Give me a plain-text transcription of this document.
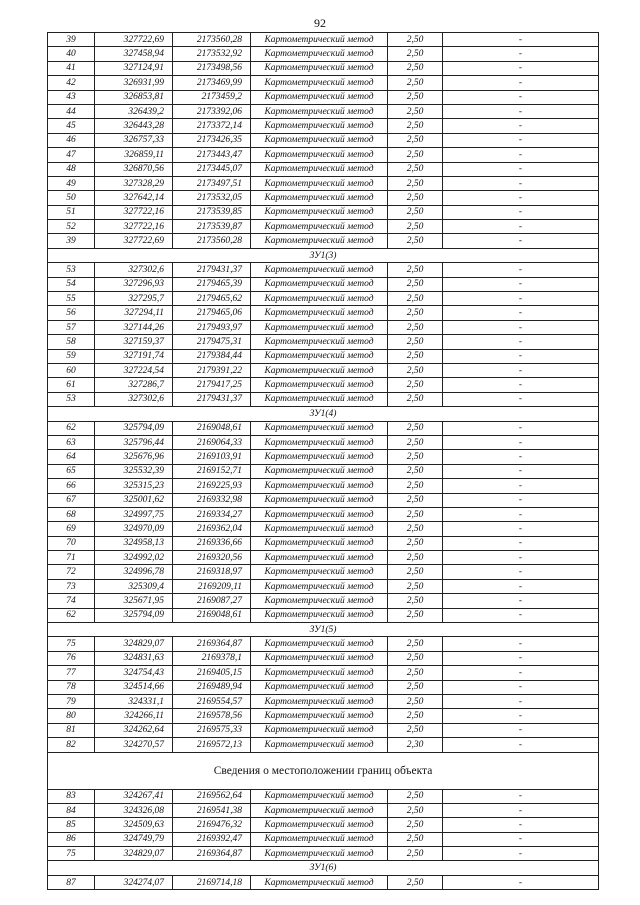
92
39	327722,69	2173560,28	Картометрический метод	2,50	-
40	327458,94	2173532,92	Картометрический метод	2,50	-
41	327124,91	2173498,56	Картометрический метод	2,50	-
42	326931,99	2173469,99	Картометрический метод	2,50	-
43	326853,81	2173459,2	Картометрический метод	2,50	-
44	326439,2	2173392,06	Картометрический метод	2,50	-
45	326443,28	2173372,14	Картометрический метод	2,50	-
46	326757,33	2173426,35	Картометрический метод	2,50	-
47	326859,11	2173443,47	Картометрический метод	2,50	-
48	326870,56	2173445,07	Картометрический метод	2,50	-
49	327328,29	2173497,51	Картометрический метод	2,50	-
50	327642,14	2173532,05	Картометрический метод	2,50	-
51	327722,16	2173539,85	Картометрический метод	2,50	-
52	327722,16	2173539,87	Картометрический метод	2,50	-
39	327722,69	2173560,28	Картометрический метод	2,50	-
ЗУ1(3)					
53	327302,6	2179431,37	Картометрический метод	2,50	-
54	327296,93	2179465,39	Картометрический метод	2,50	-
55	327295,7	2179465,62	Картометрический метод	2,50	-
56	327294,11	2179465,06	Картометрический метод	2,50	-
57	327144,26	2179493,97	Картометрический метод	2,50	-
58	327159,37	2179475,31	Картометрический метод	2,50	-
59	327191,74	2179384,44	Картометрический метод	2,50	-
60	327224,54	2179391,22	Картометрический метод	2,50	-
61	327286,7	2179417,25	Картометрический метод	2,50	-
53	327302,6	2179431,37	Картометрический метод	2,50	-
ЗУ1(4)					
62	325794,09	2169048,61	Картометрический метод	2,50	-
63	325796,44	2169064,33	Картометрический метод	2,50	-
64	325676,96	2169103,91	Картометрический метод	2,50	-
65	325532,39	2169152,71	Картометрический метод	2,50	-
66	325315,23	2169225,93	Картометрический метод	2,50	-
67	325001,62	2169332,98	Картометрический метод	2,50	-
68	324997,75	2169334,27	Картометрический метод	2,50	-
69	324970,09	2169362,04	Картометрический метод	2,50	-
70	324958,13	2169336,66	Картометрический метод	2,50	-
71	324992,02	2169320,56	Картометрический метод	2,50	-
72	324996,78	2169318,97	Картометрический метод	2,50	-
73	325309,4	2169209,11	Картометрический метод	2,50	-
74	325671,95	2169087,27	Картометрический метод	2,50	-
62	325794,09	2169048,61	Картометрический метод	2,50	-
ЗУ1(5)					
75	324829,07	2169364,87	Картометрический метод	2,50	-
76	324831,63	2169378,1	Картометрический метод	2,50	-
77	324754,43	2169405,15	Картометрический метод	2,50	-
78	324514,66	2169489,94	Картометрический метод	2,50	-
79	324331,1	2169554,57	Картометрический метод	2,50	-
80	324266,11	2169578,56	Картометрический метод	2,50	-
81	324262,64	2169575,33	Картометрический метод	2,50	-
82	324270,57	2169572,13	Картометрический метод	2,30	-
Сведения о местоположении границ объекта					
83	324267,41	2169562,64	Картометрический метод	2,50	-
84	324326,08	2169541,38	Картометрический метод	2,50	-
85	324509,63	2169476,32	Картометрический метод	2,50	-
86	324749,79	2169392,47	Картометрический метод	2,50	-
75	324829,07	2169364,87	Картометрический метод	2,50	-
ЗУ1(6)					
87	324274,07	2169714,18	Картометрический метод	2,50	-
